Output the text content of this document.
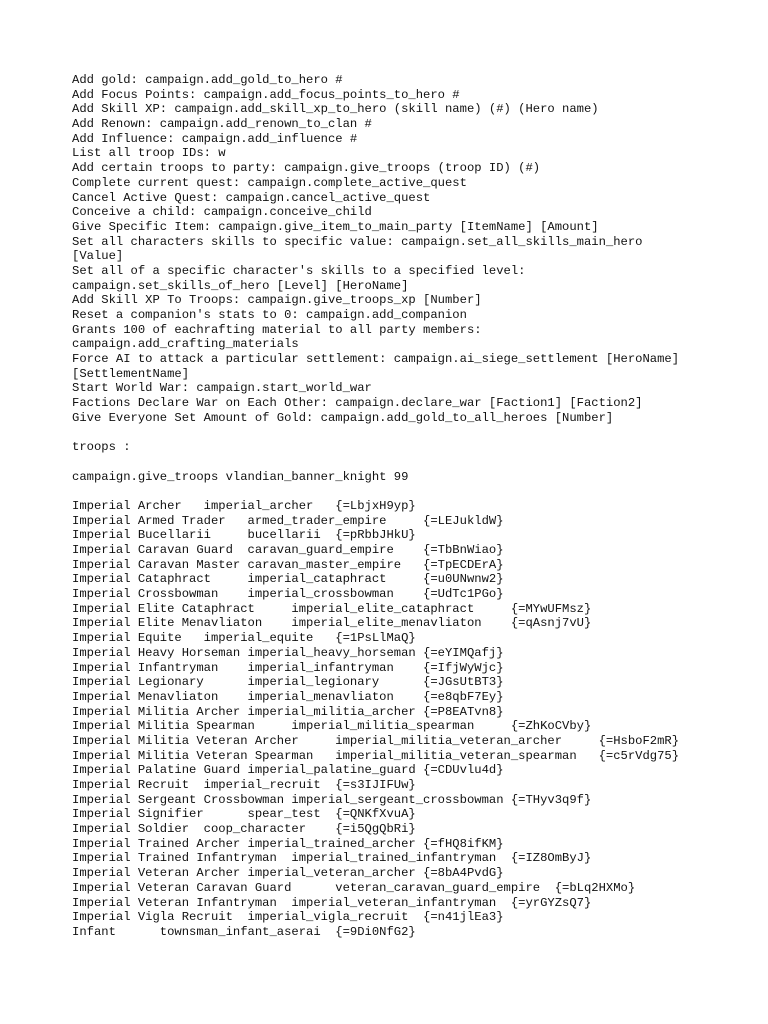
Add gold: campaign.add_gold_to_hero #
Add Focus Points: campaign.add_focus_points_to_hero #
Add Skill XP: campaign.add_skill_xp_to_hero (skill name) (#) (Hero name)
Add Renown: campaign.add_renown_to_clan #
Add Influence: campaign.add_influence #
List all troop IDs: w
Add certain troops to party: campaign.give_troops (troop ID) (#)
Complete current quest: campaign.complete_active_quest
Cancel Active Quest: campaign.cancel_active_quest
Conceive a child: campaign.conceive_child
Give Specific Item: campaign.give_item_to_main_party [ItemName] [Amount]
Set all characters skills to specific value: campaign.set_all_skills_main_hero
[Value]
Set all of a specific character's skills to a specified level:
campaign.set_skills_of_hero [Level] [HeroName]
Add Skill XP To Troops: campaign.give_troops_xp [Number]
Reset a companion's stats to 0: campaign.add_companion
Grants 100 of eachrafting material to all party members:
campaign.add_crafting_materials
Force AI to attack a particular settlement: campaign.ai_siege_settlement [HeroName]
[SettlementName]
Start World War: campaign.start_world_war
Factions Declare War on Each Other: campaign.declare_war [Faction1] [Faction2]
Give Everyone Set Amount of Gold: campaign.add_gold_to_all_heroes [Number]
troops :
campaign.give_troops vlandian_banner_knight 99
Imperial Archer   imperial_archer   {=LbjxH9yp}
Imperial Armed Trader   armed_trader_empire     {=LEJukldW}
Imperial Bucellarii     bucellarii  {=pRbbJHkU}
Imperial Caravan Guard  caravan_guard_empire    {=TbBnWiao}
Imperial Caravan Master caravan_master_empire   {=TpECDErA}
Imperial Cataphract     imperial_cataphract     {=u0UNwnw2}
Imperial Crossbowman    imperial_crossbowman    {=UdTc1PGo}
Imperial Elite Cataphract     imperial_elite_cataphract     {=MYwUFMsz}
Imperial Elite Menavliaton    imperial_elite_menavliaton    {=qAsnj7vU}
Imperial Equite   imperial_equite   {=1PsLlMaQ}
Imperial Heavy Horseman imperial_heavy_horseman {=eYIMQafj}
Imperial Infantryman    imperial_infantryman    {=IfjWyWjc}
Imperial Legionary      imperial_legionary      {=JGsUtBT3}
Imperial Menavliaton    imperial_menavliaton    {=e8qbF7Ey}
Imperial Militia Archer imperial_militia_archer {=P8EATvn8}
Imperial Militia Spearman     imperial_militia_spearman     {=ZhKoCVby}
Imperial Militia Veteran Archer     imperial_militia_veteran_archer     {=HsboF2mR}
Imperial Militia Veteran Spearman   imperial_militia_veteran_spearman   {=c5rVdg75}
Imperial Palatine Guard imperial_palatine_guard {=CDUvlu4d}
Imperial Recruit  imperial_recruit  {=s3IJIFUw}
Imperial Sergeant Crossbowman imperial_sergeant_crossbowman {=THyv3q9f}
Imperial Signifier      spear_test  {=QNKfXvuA}
Imperial Soldier  coop_character    {=i5QgQbRi}
Imperial Trained Archer imperial_trained_archer {=fHQ8ifKM}
Imperial Trained Infantryman  imperial_trained_infantryman  {=IZ8OmByJ}
Imperial Veteran Archer imperial_veteran_archer {=8bA4PvdG}
Imperial Veteran Caravan Guard      veteran_caravan_guard_empire  {=bLq2HXMo}
Imperial Veteran Infantryman  imperial_veteran_infantryman  {=yrGYZsQ7}
Imperial Vigla Recruit  imperial_vigla_recruit  {=n41jlEa3}
Infant      townsman_infant_aserai  {=9Di0NfG2}
